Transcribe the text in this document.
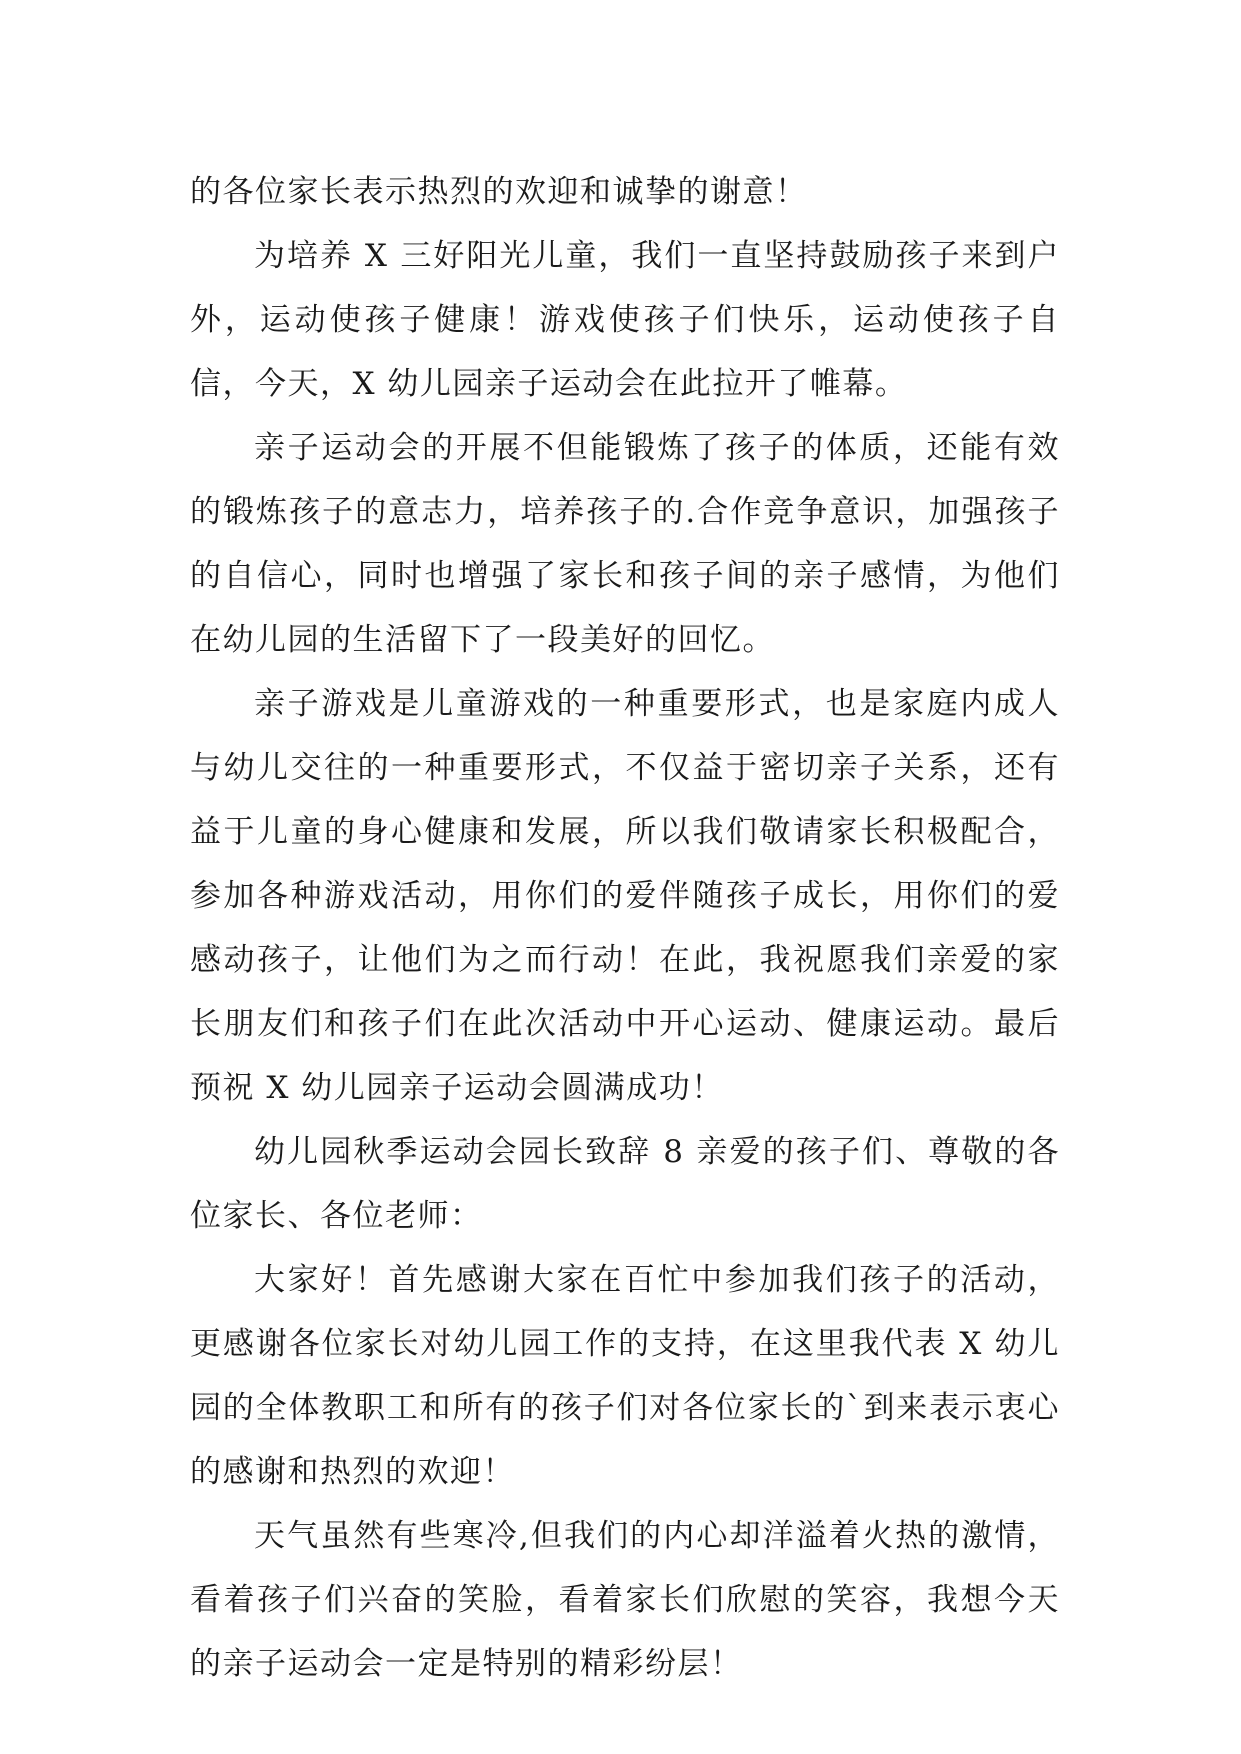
的各位家长表示热烈的欢迎和诚挚的谢意！

为培养 X 三好阳光儿童，我们一直坚持鼓励孩子来到户外，运动使孩子健康！游戏使孩子们快乐，运动使孩子自信，今天，X 幼儿园亲子运动会在此拉开了帷幕。

亲子运动会的开展不但能锻炼了孩子的体质，还能有效的锻炼孩子的意志力，培养孩子的.合作竞争意识，加强孩子的自信心，同时也增强了家长和孩子间的亲子感情，为他们在幼儿园的生活留下了一段美好的回忆。

亲子游戏是儿童游戏的一种重要形式，也是家庭内成人与幼儿交往的一种重要形式，不仅益于密切亲子关系，还有益于儿童的身心健康和发展，所以我们敬请家长积极配合，参加各种游戏活动，用你们的爱伴随孩子成长，用你们的爱感动孩子，让他们为之而行动！在此，我祝愿我们亲爱的家长朋友们和孩子们在此次活动中开心运动、健康运动。最后预祝 X 幼儿园亲子运动会圆满成功！

幼儿园秋季运动会园长致辞 8 亲爱的孩子们、尊敬的各位家长、各位老师：

大家好！首先感谢大家在百忙中参加我们孩子的活动，更感谢各位家长对幼儿园工作的支持，在这里我代表 X 幼儿园的全体教职工和所有的孩子们对各位家长的`到来表示衷心的感谢和热烈的欢迎！

天气虽然有些寒冷,但我们的内心却洋溢着火热的激情，看着孩子们兴奋的笑脸，看着家长们欣慰的笑容，我想今天的亲子运动会一定是特别的精彩纷层！
